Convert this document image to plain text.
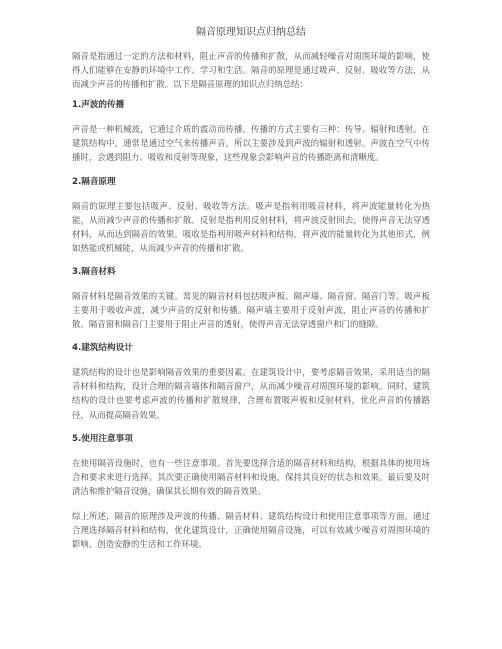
隔音原理知识点归纳总结

隔音是指通过一定的方法和材料，阻止声音的传播和扩散，从而减轻噪音对周围环境的影响，使得人们能够在安静的环境中工作、学习和生活。隔音的原理是通过吸声、反射、吸收等方法，从而减少声音的传播和扩散。以下是隔音原理的知识点归纳总结：

1.声波的传播

声音是一种机械波，它通过介质的震动而传播。传播的方式主要有三种：传导、辐射和透射。在建筑结构中，通常是通过空气来传播声音，所以主要涉及到声波的辐射和透射。声波在空气中传播时，会遇到阻力、吸收和反射等现象，这些现象会影响声音的传播距离和清晰度。

2.隔音原理

隔音的原理主要包括吸声、反射、吸收等方法。吸声是指利用吸音材料，将声波能量转化为热能，从而减少声音的传播和扩散。反射是指利用反射材料，将声波反射回去，使得声音无法穿透材料，从而达到隔音的效果。吸收是指利用吸声材料和结构，将声波的能量转化为其他形式，例如热能或机械能，从而减少声音的传播和扩散。

3.隔音材料

隔音材料是隔音效果的关键。常见的隔音材料包括吸声板、隔声墙、隔音窗、隔音门等。吸声板主要用于吸收声波，减少声音的反射和传播。隔声墙主要用于反射声波，阻止声音的传播和扩散。隔音窗和隔音门主要用于阻止声音的透射，使得声音无法穿透窗户和门的缝隙。

4.建筑结构设计

建筑结构的设计也是影响隔音效果的重要因素。在建筑设计中，要考虑隔音效果，采用适当的隔音材料和结构，设计合理的隔音墙体和隔音窗户，从而减少噪音对周围环境的影响。同时，建筑结构的设计也要考虑声波的传播和扩散规律，合理布置吸声板和反射材料，优化声音的传播路径，从而提高隔音效果。

5.使用注意事项

在使用隔音设施时，也有一些注意事项。首先要选择合适的隔音材料和结构，根据具体的使用场合和要求来进行选择。其次要正确使用隔音材料和设施，保持其良好的状态和效果。最后要及时清洁和维护隔音设施，确保其长期有效的隔音效果。

综上所述，隔音的原理涉及声波的传播、隔音材料、建筑结构设计和使用注意事项等方面。通过合理选择隔音材料和结构，优化建筑设计，正确使用隔音设施，可以有效减少噪音对周围环境的影响，创造安静的生活和工作环境。
